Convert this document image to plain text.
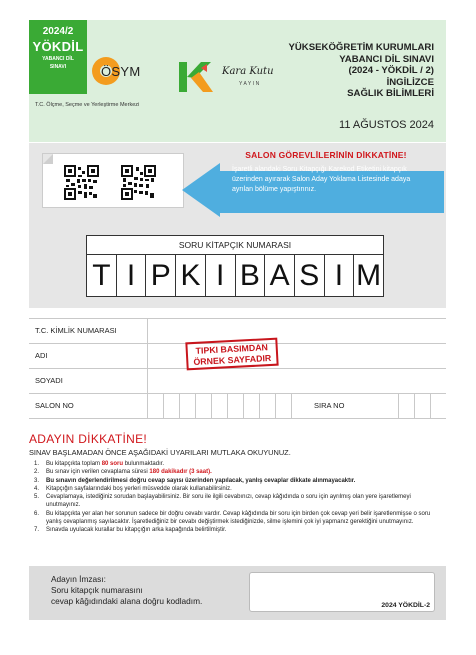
2024/2
YÖKDİL
YABANCI DİL
SINAVI	ÖSYM
T.C. Ölçme, Seçme ve Yerleştirme Merkezi
Kara Kutu
YAYIN
YÜKSEKÖĞRETİM KURUMLARI
YABANCI DİL SINAVI
(2024 - YÖKDİL / 2)
İNGİLİZCE
SAĞLIK BİLİMLERİ
11 AĞUSTOS 2024
SALON GÖREVLİLERİNİN DİKKATİNE!
İşaretli alandaki Soru Kitapçığı Karekod Etiketini kitapçık üzerinden ayırarak Salon Aday Yoklama Listesinde adaya ayrılan bölüme yapıştırınız.
SORU KİTAPÇIK NUMARASI
T I P K I B A S I M
T.C. KİMLİK NUMARASI
ADI
SOYADI
SALON NO	SIRA NO
TIPKI BASIMDAN
ÖRNEK SAYFADIR
ADAYIN DİKKATİNE!
SINAV BAŞLAMADAN ÖNCE AŞAĞIDAKİ UYARILARI MUTLAKA OKUYUNUZ.
1. Bu kitapçıkta toplam 80 soru bulunmaktadır.
2. Bu sınav için verilen cevaplama süresi 180 dakikadır (3 saat).
3. Bu sınavın değerlendirilmesi doğru cevap sayısı üzerinden yapılacak, yanlış cevaplar dikkate alınmayacaktır.
4. Kitapçığın sayfalarındaki boş yerleri müsvedde olarak kullanabilirsiniz.
5. Cevaplamaya, istediğiniz sorudan başlayabilirsiniz. Bir soru ile ilgili cevabınızı, cevap kâğıdında o soru için ayrılmış olan yere işaretlemeyi unutmayınız.
6. Bu kitapçıkta yer alan her sorunun sadece bir doğru cevabı vardır. Cevap kâğıdında bir soru için birden çok cevap yeri belir işaretlenmişse o soru yanlış cevaplanmış sayılacaktır. İşaretlediğiniz bir cevabı değiştirmek istediğinizde, silme işlemini çok iyi yapmanız gerektiğini unutmayınız.
7. Sınavda uyulacak kurallar bu kitapçığın arka kapağında belirtilmiştir.
Adayın İmzası:
Soru kitapçık numarasını
cevap kâğıdındaki alana doğru kodladım.	2024 YÖKDİL-2
